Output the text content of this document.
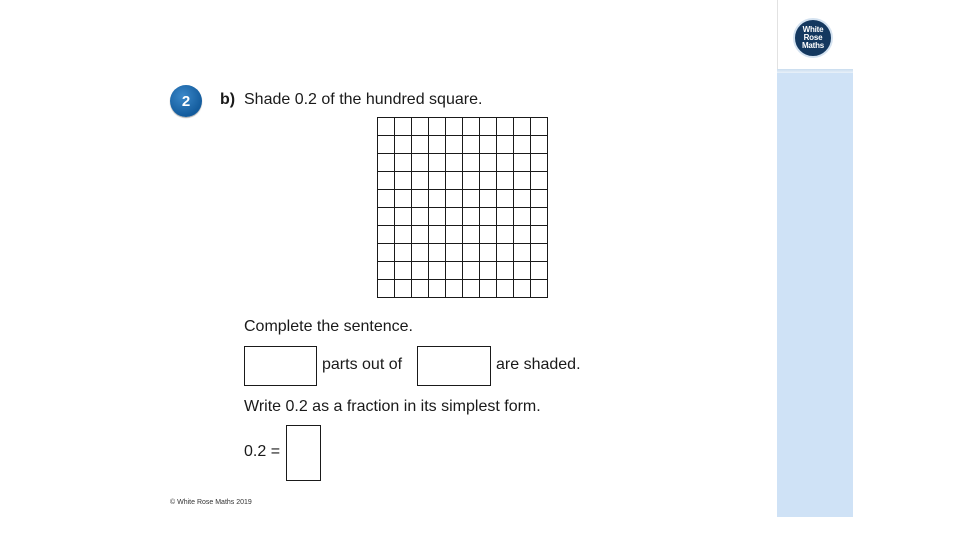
White
Rose
Maths
2	b) Shade 0.2 of the hundred square.
Complete the sentence.
parts out of	are shaded.
Write 0.2 as a fraction in its simplest form.
0.2 =
© White Rose Maths 2019
